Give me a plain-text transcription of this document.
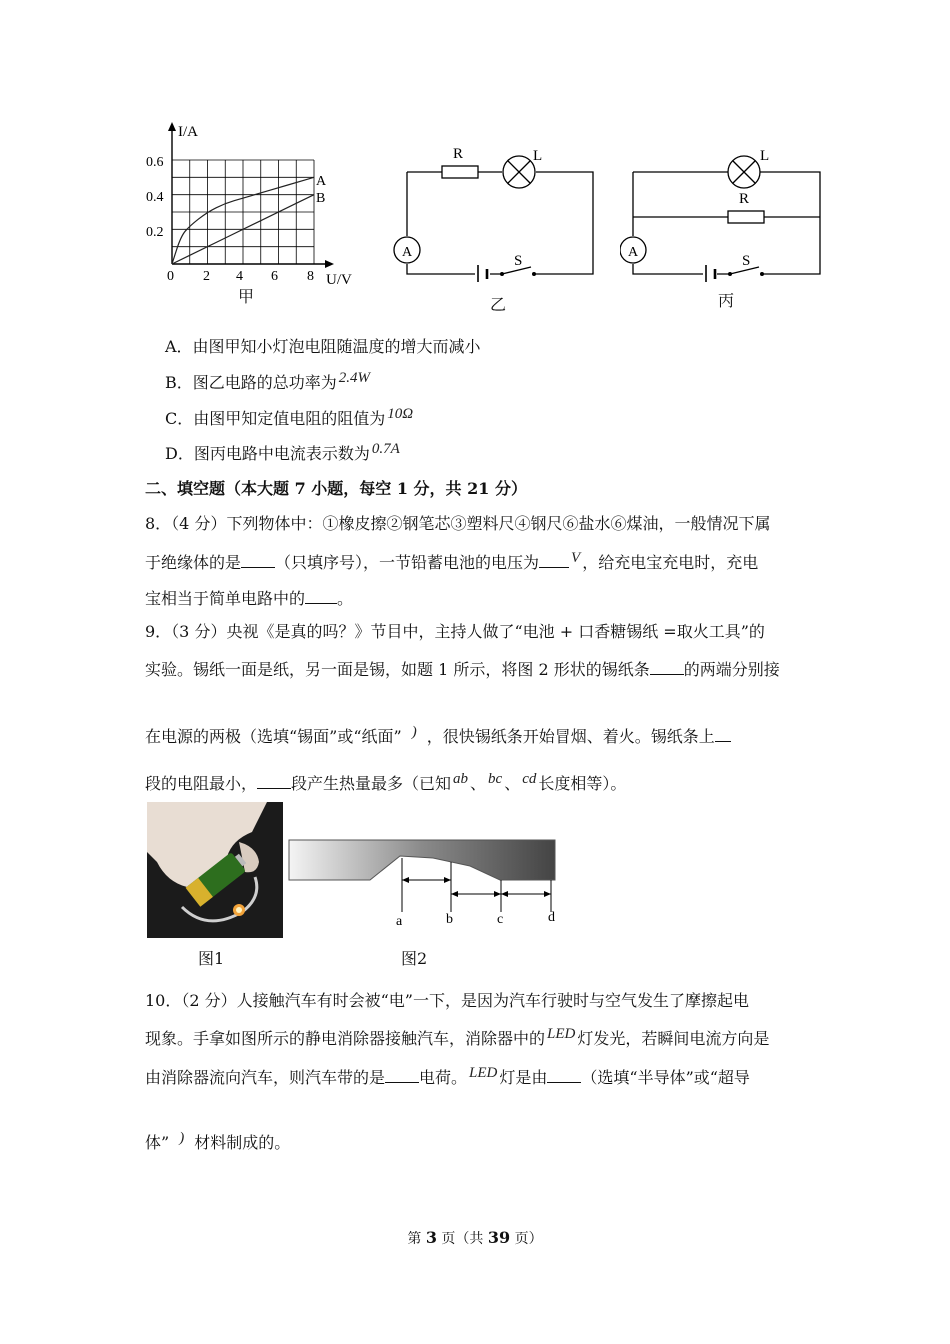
I/A
U/V
0.6
0.4
0.2
0 2 4 6 8
A
B
甲
R	L
A
S
乙
L
R
A
S
丙
A．由图甲知小灯泡电阻随温度的增大而减小
B．图乙电路的总功率为 2.4W
C．由图甲知定值电阻的阻值为 10Ω
D．图丙电路中电流表示数为 0.7A
二、填空题（本大题 7 小题，每空 1 分，共 21 分）
8．（4 分）下列物体中：①橡皮擦②钢笔芯③塑料尺④钢尺⑥盐水⑥煤油，一般情况下属
于绝缘体的是 （只填序号），一节铅蓄电池的电压为 V ，给充电宝充电时，充电
宝相当于简单电路中的 。
9．（3 分）央视《是真的吗？》节目中，主持人做了“电池 + 口香糖锡纸 =取火工具”的
实验。锡纸一面是纸，另一面是锡，如题 1 所示，将图 2 形状的锡纸条 的两端分别接
在电源的两极（选填“锡面”或“纸面” ) ，很快锡纸条开始冒烟、着火。锡纸条上
段的电阻最小， 段产生热量最多（已知 ab 、 bc 、 cd 长度相等）。
图1
a	b	c	d
图2
10．（2 分）人接触汽车有时会被“电”一下，是因为汽车行驶时与空气发生了摩擦起电
现象。手拿如图所示的静电消除器接触汽车，消除器中的 LED 灯发光，若瞬间电流方向是
由消除器流向汽车，则汽车带的是 电荷。 LED 灯是由 （选填“半导体”或“超导
体” ) 材料制成的。
第 3 页（共 39 页）
